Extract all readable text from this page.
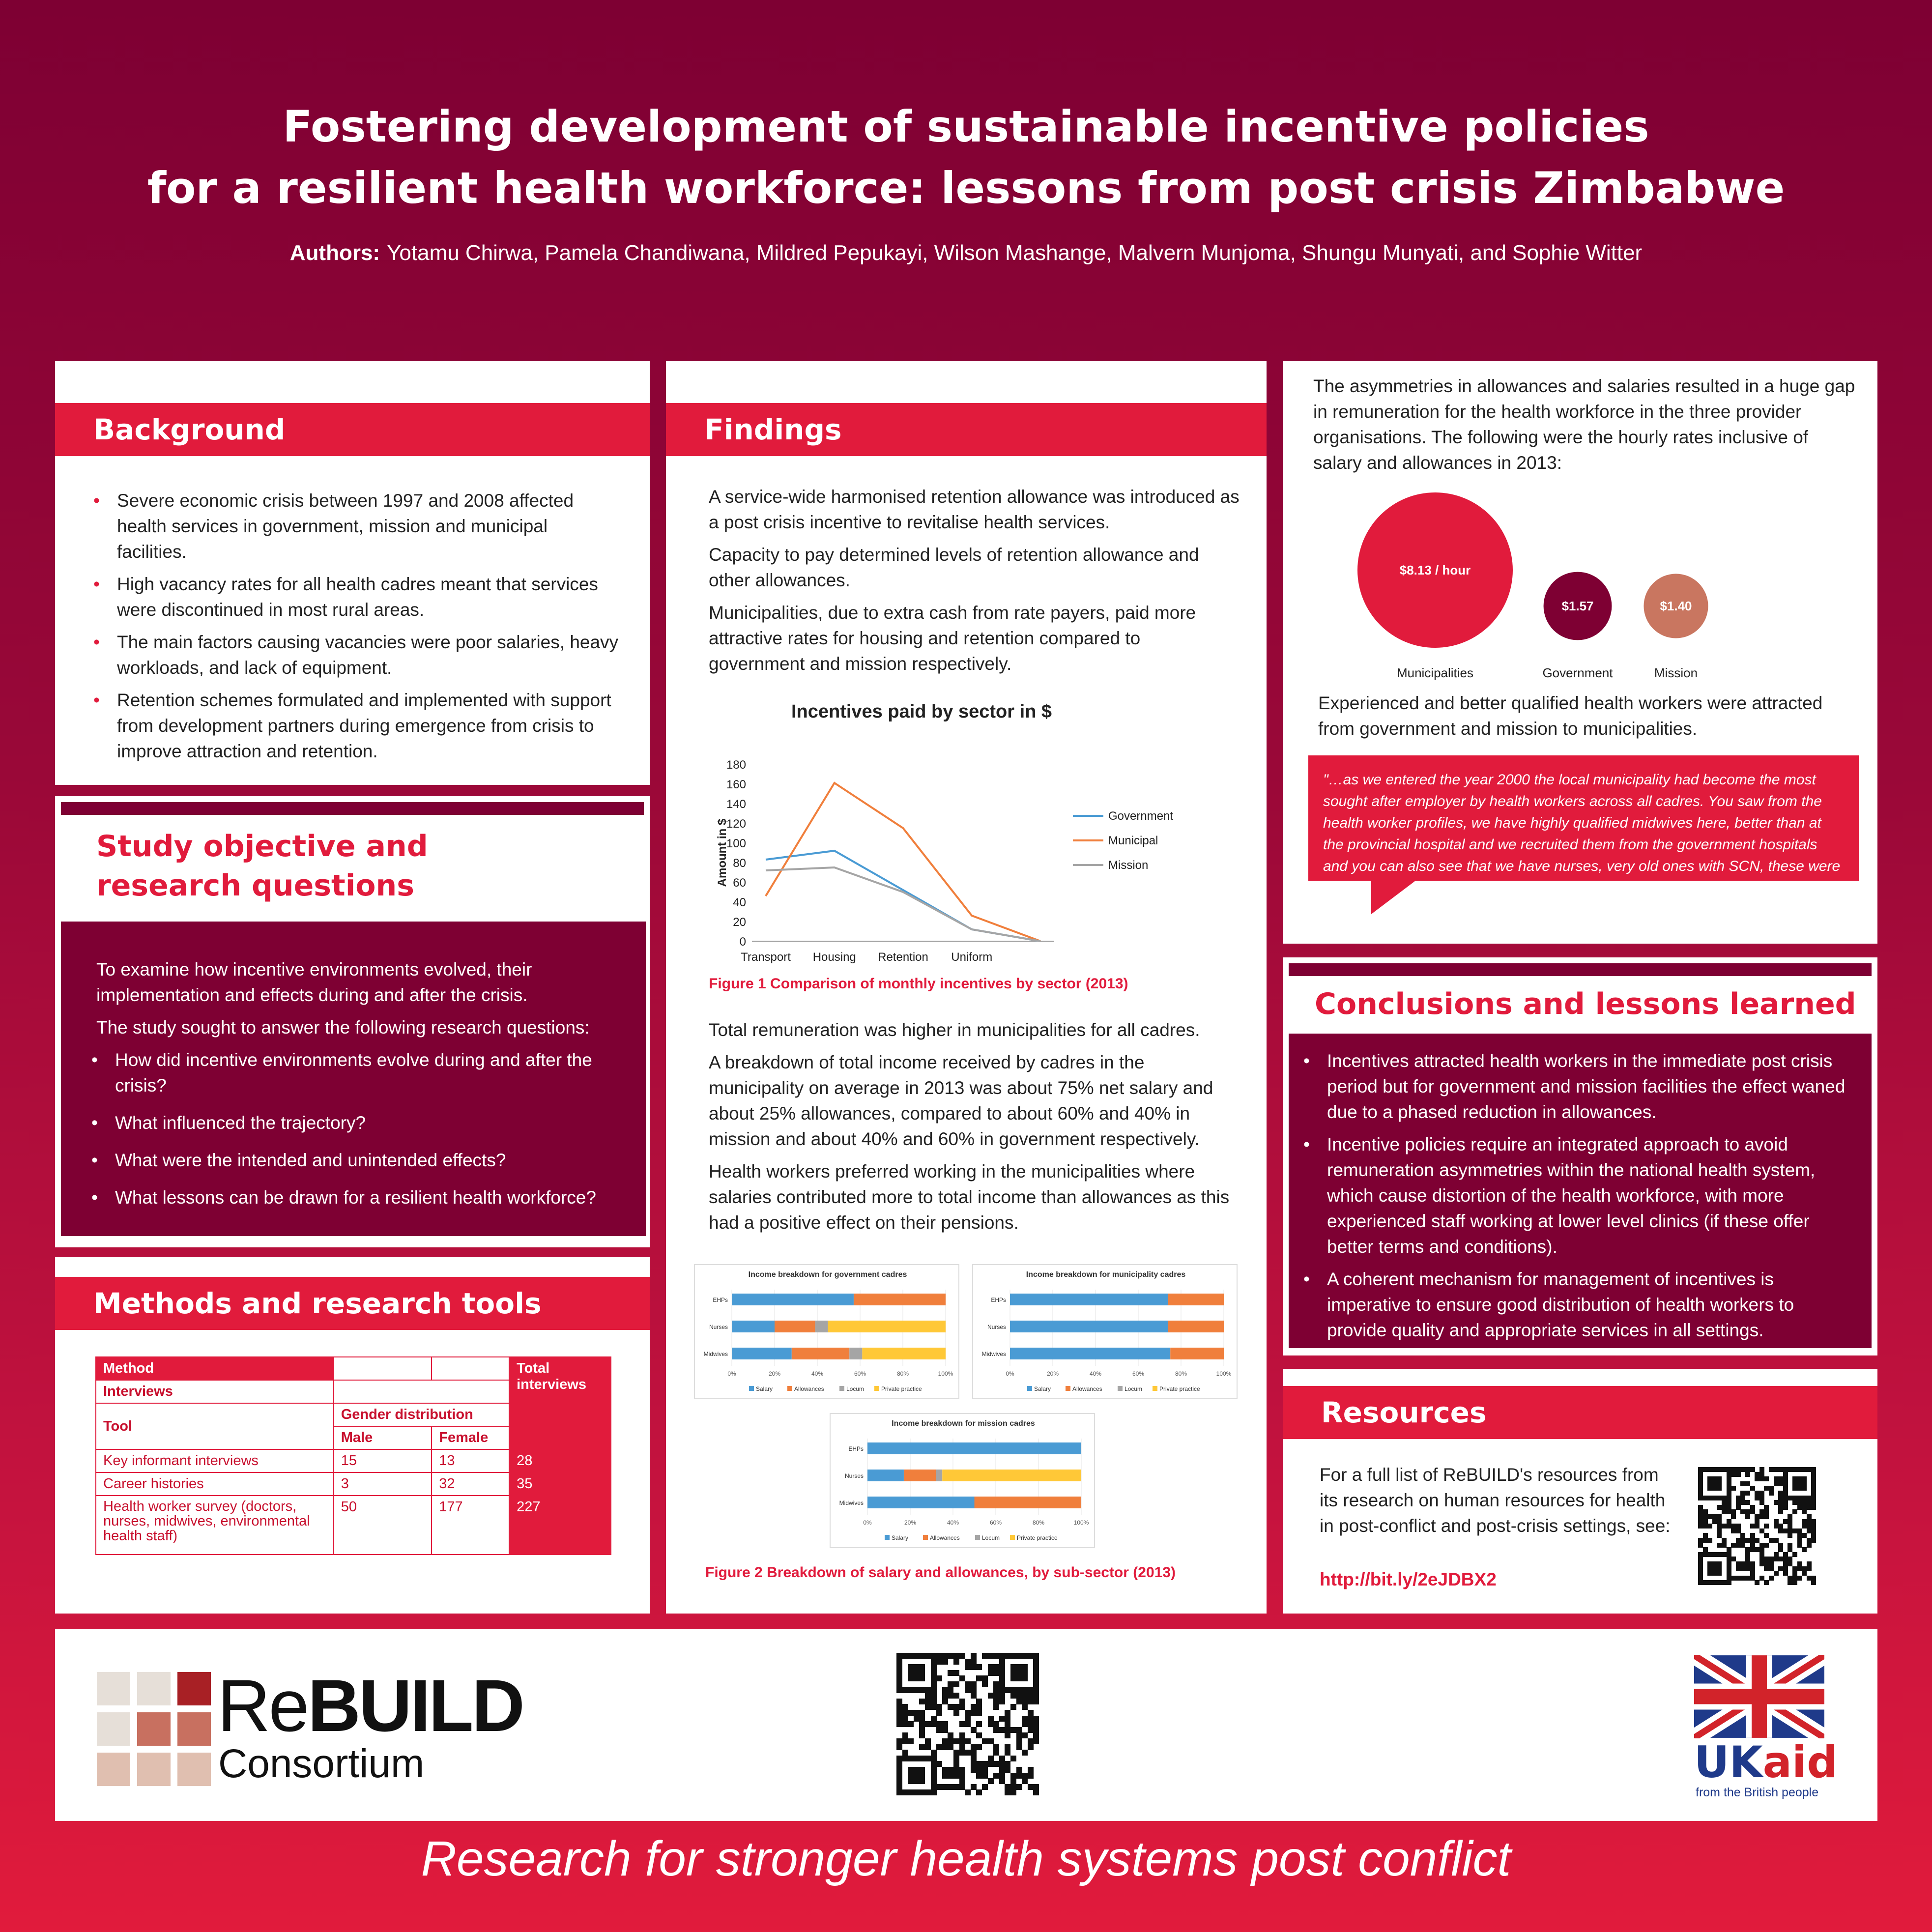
Fostering development of sustainable incentive policies
for a resilient health workforce: lessons from post crisis Zimbabwe
Authors: Yotamu Chirwa, Pamela Chandiwana, Mildred Pepukayi, Wilson Mashange, Malvern Munjoma, Shungu Munyati, and Sophie Witter
Background
• Severe economic crisis between 1997 and 2008 affected health services in government, mission and municipal facilities.
• High vacancy rates for all health cadres meant that services were discontinued in most rural areas.
• The main factors causing vacancies were poor salaries, heavy workloads, and lack of equipment.
• Retention schemes formulated and implemented with support from development partners during emergence from crisis to improve attraction and retention.
Study objective and
research questions

To examine how incentive environments evolved, their implementation and effects during and after the crisis.

The study sought to answer the following research questions:

• How did incentive environments evolve during and after the crisis?
• What influenced the trajectory?
• What were the intended and unintended effects?
• What lessons can be drawn for a resilient health workforce?
Methods and research tools
Method			Total interviews
Interviews			
Tool	Gender distribution		
	Male	Female	
Key informant interviews	15	13	28
Career histories	3	32	35
Health worker survey (doctors, nurses, midwives, environmental health staff)	50	177	227
Findings

A service-wide harmonised retention allowance was introduced as a post crisis incentive to revitalise health services.

Capacity to pay determined levels of retention allowance and other allowances.

Municipalities, due to extra cash from rate payers, paid more attractive rates for housing and retention compared to government and mission respectively.

Incentives paid by sector in $
0
20
40
60
80
100
120
140
160
180
Amount in $
Transport Housing Retention Uniform
Government
Municipal
Mission
Figure 1 Comparison of monthly incentives by sector (2013)

Total remuneration was higher in municipalities for all cadres.

A breakdown of total income received by cadres in the municipality on average in 2013 was about 75% net salary and about 25% allowances, compared to about 60% and 40% in mission and about 40% and 60% in government respectively.

Health workers preferred working in the municipalities where salaries contributed more to total income than allowances as this had a positive effect on their pensions.

Income breakdown for government cadres
0%	20%	40%	60%	80%	100%
EHPs
Nurses
Midwives
Salary	Allowances	Locum	Private practice
Income breakdown for municipality cadres
0%	20%	40%	60%	80%	100%
EHPs
Nurses
Midwives
Salary	Allowances	Locum	Private practice
Income breakdown for mission cadres
0%	20%	40%	60%	80%	100%
EHPs
Nurses
Midwives
Salary	Allowances	Locum	Private practice
Figure 2 Breakdown of salary and allowances, by sub-sector (2013)
The asymmetries in allowances and salaries resulted in a huge gap in remuneration for the health workforce in the three provider organisations. The following were the hourly rates inclusive of salary and allowances in 2013:
$8.13 / hour
Municipalities
$1.57
Government
$1.40
Mission
Experienced and better qualified health workers were attracted from government and mission to municipalities.
"…as we entered the year 2000 the local municipality had become the most sought after employer by health workers across all cadres. You saw from the health worker profiles, we have highly qualified midwives here, better than at the provincial hospital and we recruited them from the government hospitals and you can also see that we have nurses, very old ones with SCN, these were recruited a long time ago." KII 002 Municipal Health department Manager).
Conclusions and lessons learned
• Incentives attracted health workers in the immediate post crisis period but for government and mission facilities the effect waned due to a phased reduction in allowances.
• Incentive policies require an integrated approach to avoid remuneration asymmetries within the national health system, which cause distortion of the health workforce, with more experienced staff working at lower level clinics (if these offer better terms and conditions).
• A coherent mechanism for management of incentives is imperative to ensure good distribution of health workers to provide quality and appropriate services in all settings.
Resources
For a full list of ReBUILD's resources from its research on human resources for health in post-conflict and post-crisis settings, see:
http://bit.ly/2eJDBX2
ReBUILD
Consortium	UKaid
from the British people
Research for stronger health systems post conflict
